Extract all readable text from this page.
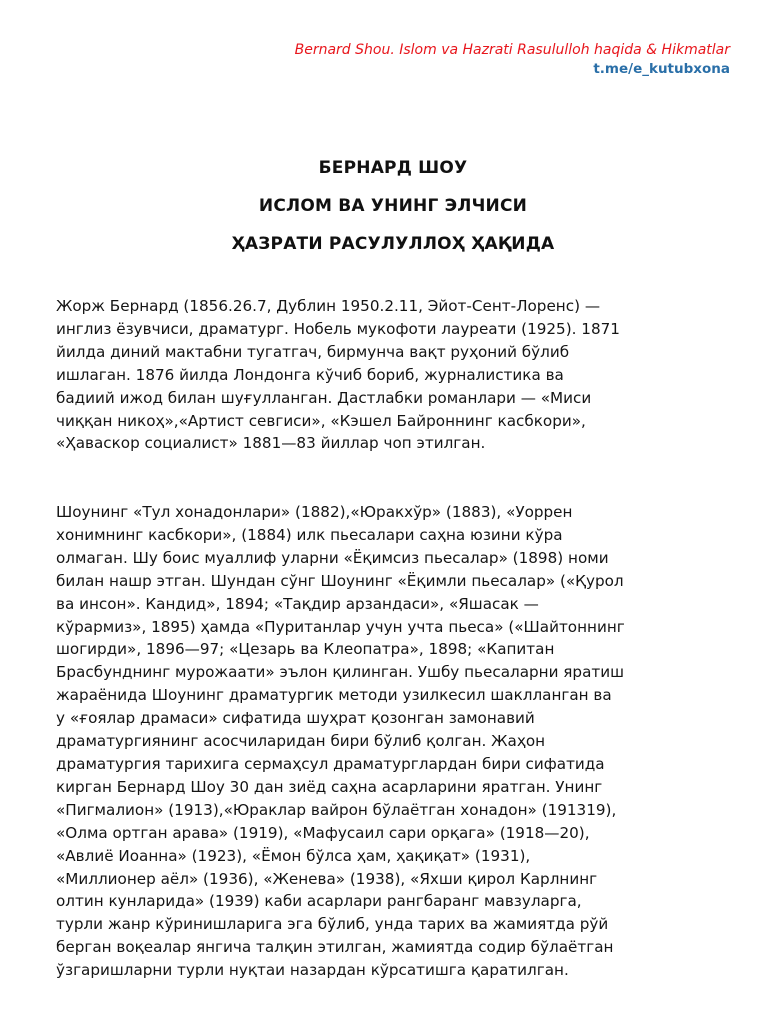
Bernard Shou. Islom va Hazrati Rasululloh haqida & Hikmatlar
t.me/e_kutubxona
БЕРНАРД ШОУ
ИСЛОМ ВА УНИНГ ЭЛЧИСИ
ҲАЗРАТИ РАСУЛУЛЛОҲ ҲАҚИДА

Жорж Бернард (1856.26.7, Дублин 1950.2.11, Эйот-Сент-Лоренс) —
инглиз ёзувчиси, драматург. Нобель мукофоти лауреати (1925). 1871
йилда диний мактабни тугатгач, бирмунча вақт руҳоний бўлиб
ишлаган. 1876 йилда Лондонга кўчиб бориб, журналистика ва
бадиий ижод билан шуғулланган. Дастлабки романлари — «Миси
чиққан никоҳ»,«Артист севгиси», «Кэшел Байроннинг касбкори»,
«Ҳаваскор социалист» 1881—83 йиллар чоп этилган.

Шоунинг «Тул хонадонлари» (1882),«Юракхўр» (1883), «Уоррен
хонимнинг касбкори», (1884) илк пьесалари саҳна юзини кўра
олмаган. Шу боис муаллиф уларни «Ёқимсиз пьесалар» (1898) номи
билан нашр этган. Шундан сўнг Шоунинг «Ёқимли пьесалар» («Қурол
ва инсон». Кандид», 1894; «Тақдир арзандаси», «Яшасак —
кўрармиз», 1895) ҳамда «Пуританлар учун учта пьеса» («Шайтоннинг
шогирди», 1896—97; «Цезарь ва Клеопатра», 1898; «Капитан
Брасбунднинг мурожаати» эълон қилинган. Ушбу пьесаларни яратиш
жараёнида Шоунинг драматургик методи узилкесил шаклланган ва
у «ғоялар драмаси» сифатида шуҳрат қозонган замонавий
драматургиянинг асосчиларидан бири бўлиб қолган. Жаҳон
драматургия тарихига сермаҳсул драматурглардан бири сифатида
кирган Бернард Шоу 30 дан зиёд саҳна асарларини яратган. Унинг
«Пигмалион» (1913),«Юраклар вайрон бўлаётган хонадон» (191319),
«Олма ортган арава» (1919), «Мафусаил сари орқага» (1918—20),
«Авлиё Иоанна» (1923), «Ёмон бўлса ҳам, ҳақиқат» (1931),
«Миллионер аёл» (1936), «Женева» (1938), «Яхши қирол Карлнинг
олтин кунларида» (1939) каби асарлари рангбаранг мавзуларга,
турли жанр кўринишларига эга бўлиб, унда тарих ва жамиятда рўй
берган воқеалар янгича талқин этилган, жамиятда содир бўлаётган
ўзгаришларни турли нуқтаи назардан кўрсатишга қаратилган.
